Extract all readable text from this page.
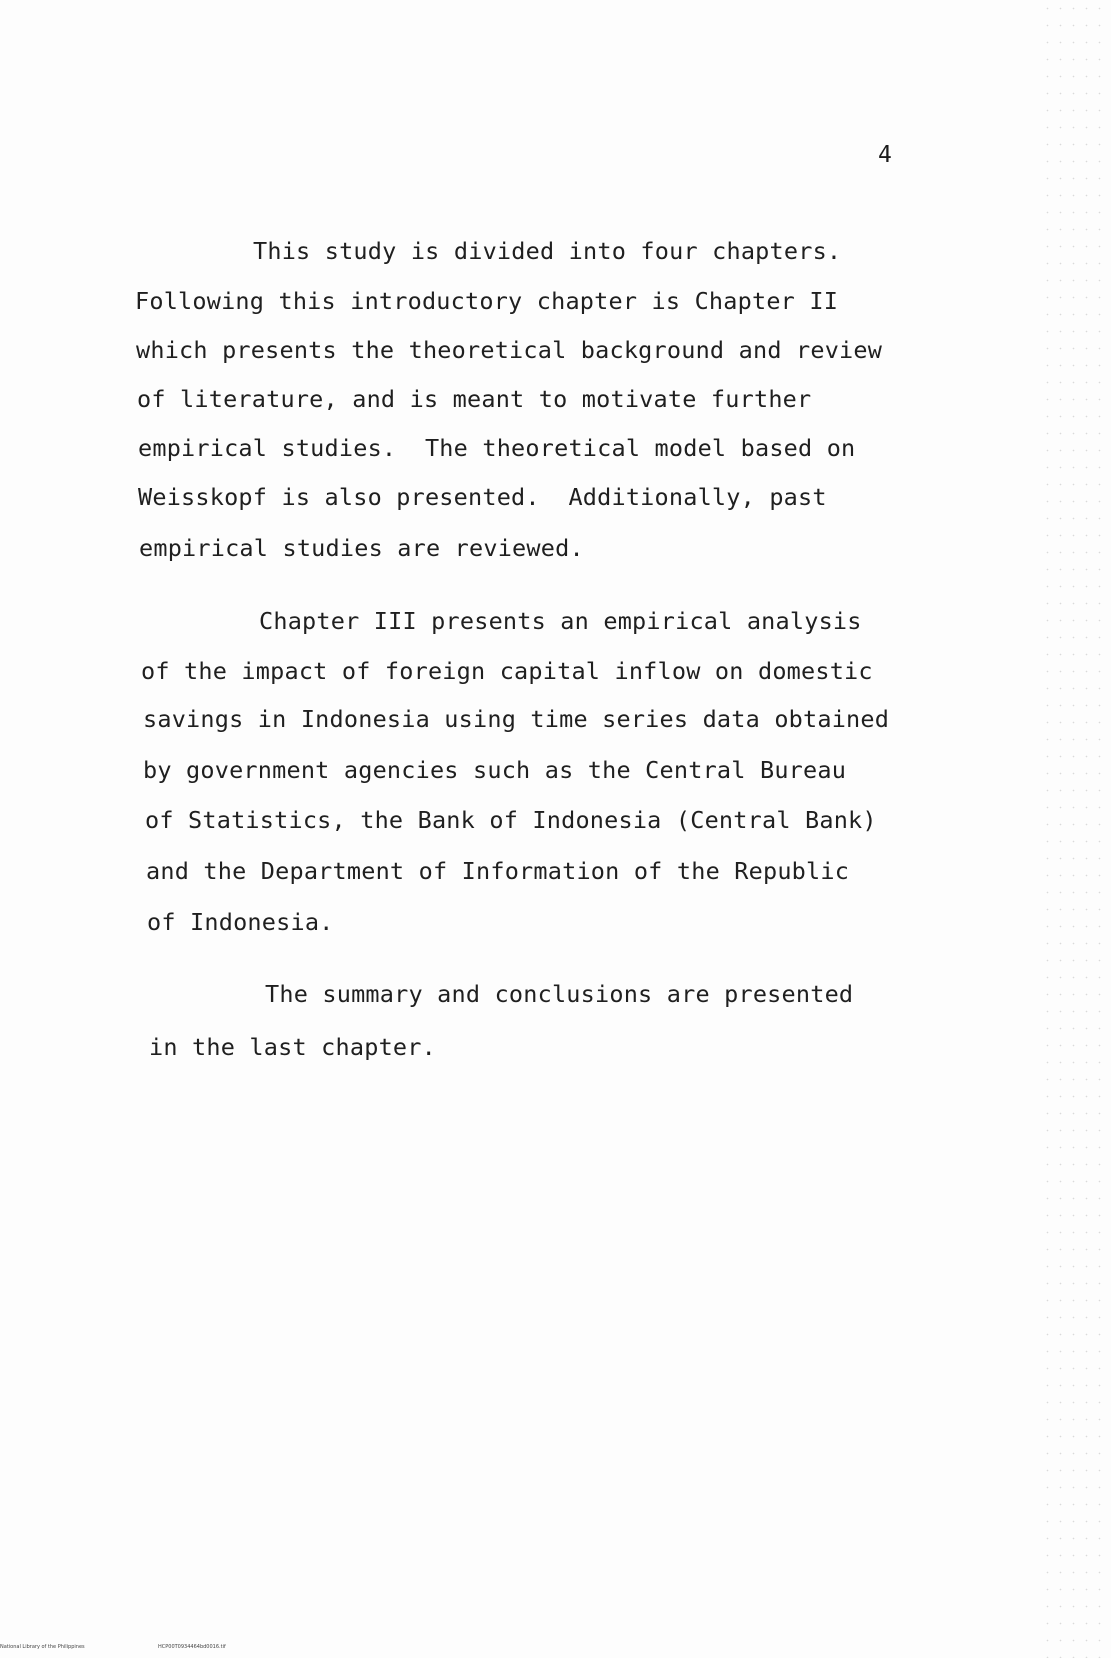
4
This study is divided into four chapters.
Following this introductory chapter is Chapter II
which presents the theoretical background and review
of literature, and is meant to motivate further
empirical studies.  The theoretical model based on
Weisskopf is also presented.  Additionally, past
empirical studies are reviewed.
Chapter III presents an empirical analysis
of the impact of foreign capital inflow on domestic
savings in Indonesia using time series data obtained
by government agencies such as the Central Bureau
of Statistics, the Bank of Indonesia (Central Bank)
and the Department of Information of the Republic
of Indonesia.
The summary and conclusions are presented
in the last chapter.
National Library of the Philippines	HCP00T0934464bd0016.tif
